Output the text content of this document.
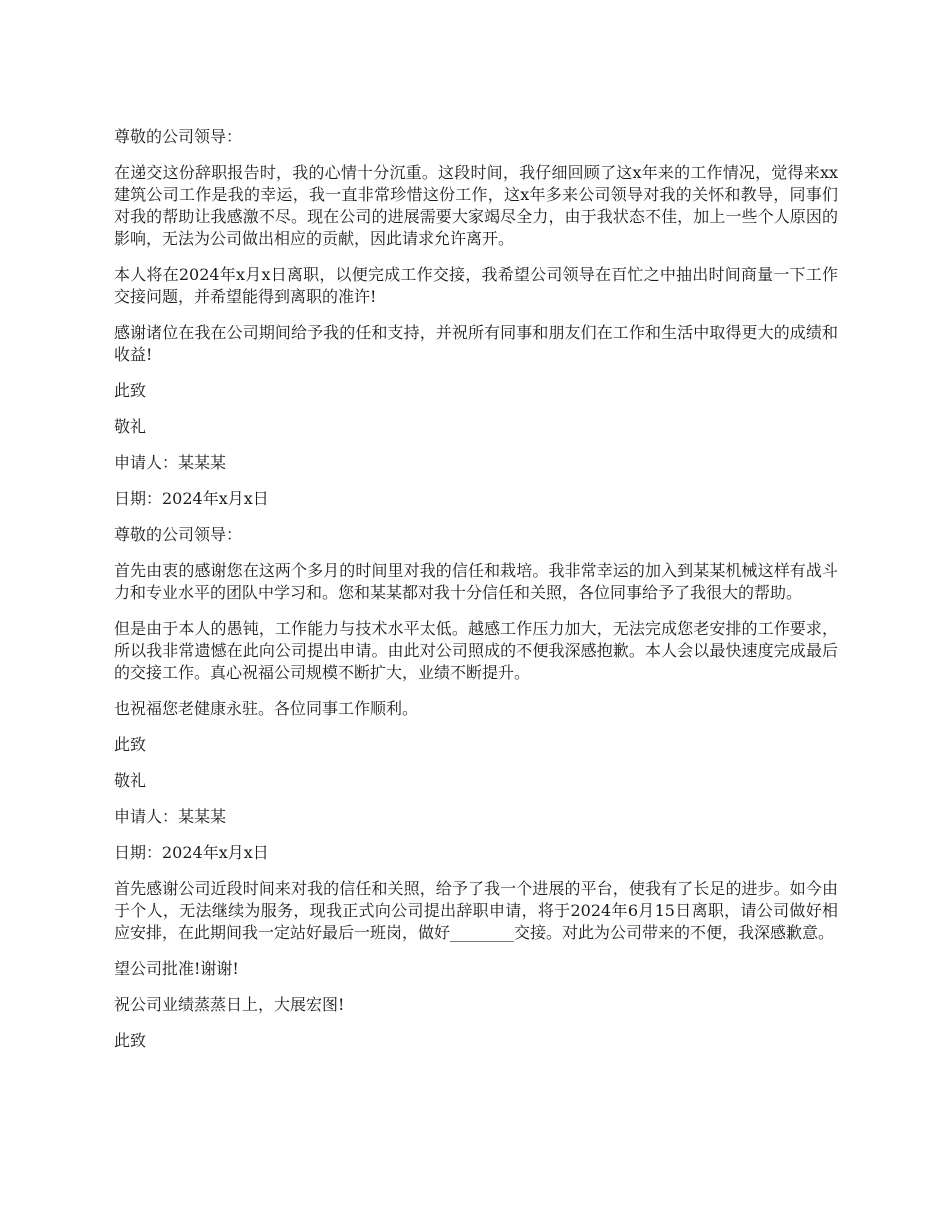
尊敬的公司领导：

在递交这份辞职报告时，我的心情十分沉重。这段时间，我仔细回顾了这x年来的工作情况，觉得来xx建筑公司工作是我的幸运，我一直非常珍惜这份工作，这x年多来公司领导对我的关怀和教导，同事们对我的帮助让我感激不尽。现在公司的进展需要大家竭尽全力，由于我状态不佳，加上一些个人原因的影响，无法为公司做出相应的贡献，因此请求允许离开。

本人将在2024年x月x日离职，以便完成工作交接，我希望公司领导在百忙之中抽出时间商量一下工作交接问题，并希望能得到离职的准许!

感谢诸位在我在公司期间给予我的任和支持，并祝所有同事和朋友们在工作和生活中取得更大的成绩和收益!

此致

敬礼

申请人：某某某

日期：2024年x月x日

尊敬的公司领导：

首先由衷的感谢您在这两个多月的时间里对我的信任和栽培。我非常幸运的加入到某某机械这样有战斗力和专业水平的团队中学习和。您和某某都对我十分信任和关照，各位同事给予了我很大的帮助。

但是由于本人的愚钝，工作能力与技术水平太低。越感工作压力加大，无法完成您老安排的工作要求，所以我非常遗憾在此向公司提出申请。由此对公司照成的不便我深感抱歉。本人会以最快速度完成最后的交接工作。真心祝福公司规模不断扩大，业绩不断提升。

也祝福您老健康永驻。各位同事工作顺利。

此致

敬礼

申请人：某某某

日期：2024年x月x日

首先感谢公司近段时间来对我的信任和关照，给予了我一个进展的平台，使我有了长足的进步。如今由于个人，无法继续为服务，现我正式向公司提出辞职申请，将于2024年6月15日离职，请公司做好相应安排，在此期间我一定站好最后一班岗，做好________交接。对此为公司带来的不便，我深感歉意。

望公司批准!谢谢!

祝公司业绩蒸蒸日上，大展宏图!

此致
